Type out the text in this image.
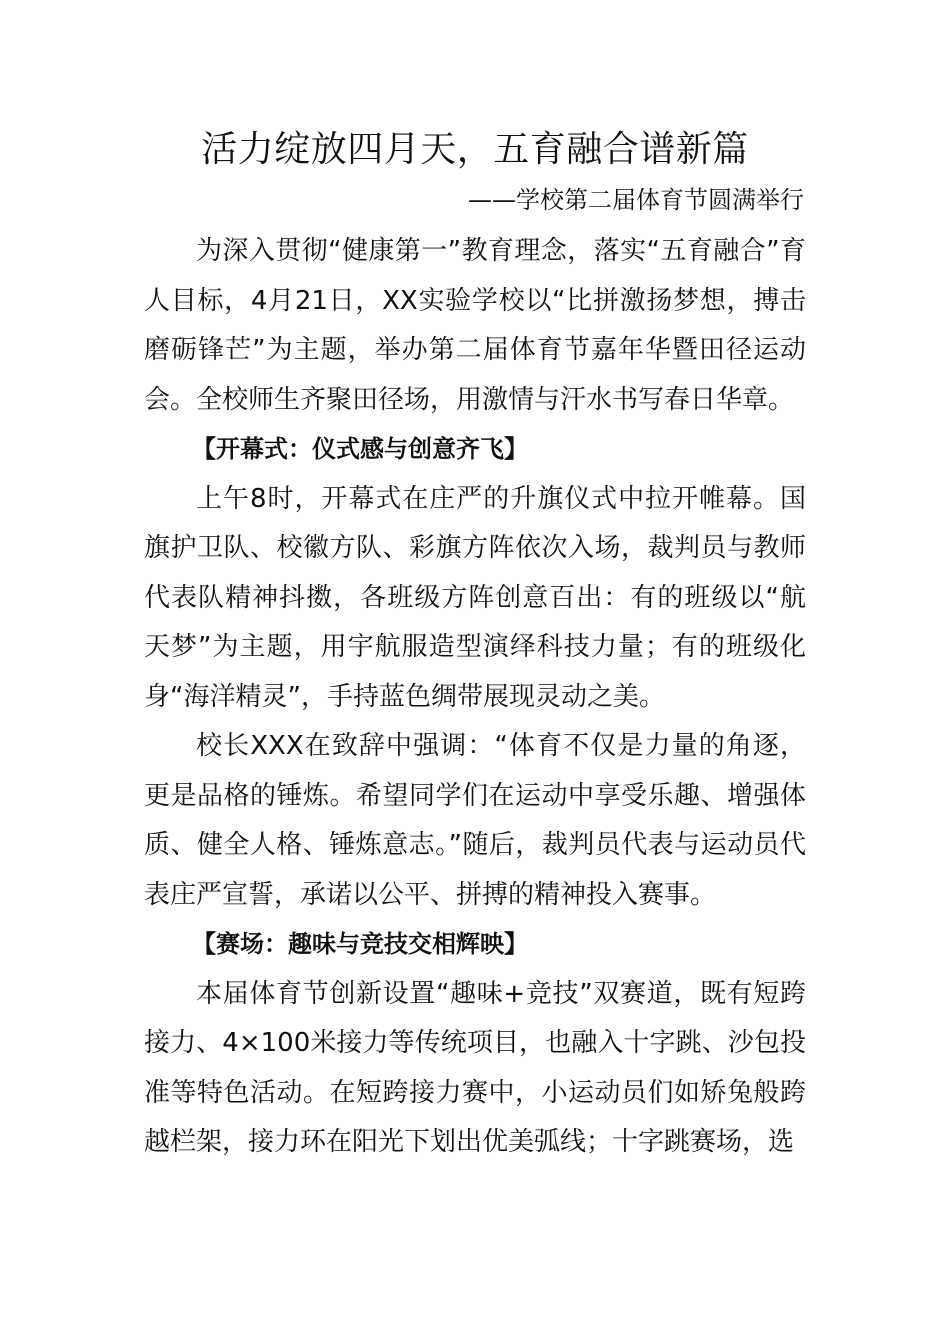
活力绽放四月天，五育融合谱新篇

——学校第二届体育节圆满举行

为深入贯彻“健康第一”教育理念，落实“五育融合”育人目标，4月21日，XX实验学校以“比拼激扬梦想，搏击磨砺锋芒”为主题，举办第二届体育节嘉年华暨田径运动会。全校师生齐聚田径场，用激情与汗水书写春日华章。

【开幕式：仪式感与创意齐飞】

上午8时，开幕式在庄严的升旗仪式中拉开帷幕。国旗护卫队、校徽方队、彩旗方阵依次入场，裁判员与教师代表队精神抖擞，各班级方阵创意百出：有的班级以“航天梦”为主题，用宇航服造型演绎科技力量；有的班级化身“海洋精灵”，手持蓝色绸带展现灵动之美。

校长XXX在致辞中强调：“体育不仅是力量的角逐，更是品格的锤炼。希望同学们在运动中享受乐趣、增强体质、健全人格、锤炼意志。”随后，裁判员代表与运动员代表庄严宣誓，承诺以公平、拼搏的精神投入赛事。

【赛场：趣味与竞技交相辉映】

本届体育节创新设置“趣味+竞技”双赛道，既有短跨接力、4×100米接力等传统项目，也融入十字跳、沙包投准等特色活动。在短跨接力赛中，小运动员们如矫兔般跨越栏架，接力环在阳光下划出优美弧线；十字跳赛场，选
